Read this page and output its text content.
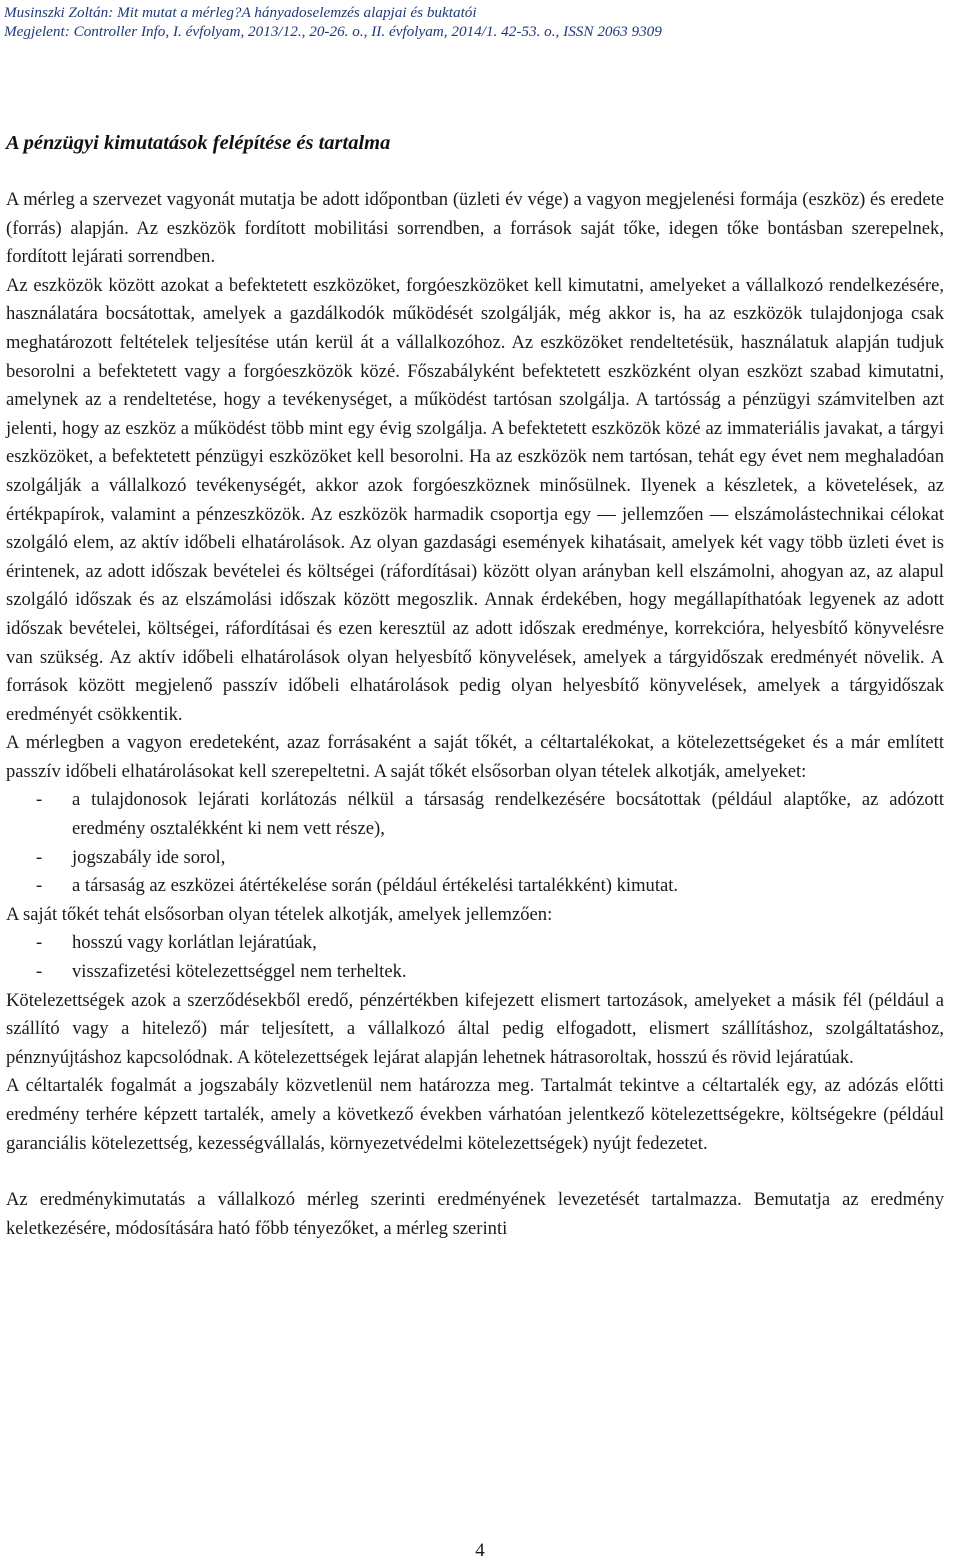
Musinszki Zoltán: Mit mutat a mérleg?A hányadoselemzés alapjai és buktatói
Megjelent: Controller Info, I. évfolyam, 2013/12., 20-26. o., II. évfolyam, 2014/1. 42-53. o., ISSN 2063 9309
A pénzügyi kimutatások felépítése és tartalma

A mérleg a szervezet vagyonát mutatja be adott időpontban (üzleti év vége) a vagyon megjelenési formája (eszköz) és eredete (forrás) alapján. Az eszközök fordított mobilitási sorrendben, a források saját tőke, idegen tőke bontásban szerepelnek, fordított lejárati sorrendben.

Az eszközök között azokat a befektetett eszközöket, forgóeszközöket kell kimutatni, amelyeket a vállalkozó rendelkezésére, használatára bocsátottak, amelyek a gazdálkodók működését szolgálják, még akkor is, ha az eszközök tulajdonjoga csak meghatározott feltételek teljesítése után kerül át a vállalkozóhoz. Az eszközöket rendeltetésük, használatuk alapján tudjuk besorolni a befektetett vagy a forgóeszközök közé. Főszabályként befektetett eszközként olyan eszközt szabad kimutatni, amelynek az a rendeltetése, hogy a tevékenységet, a működést tartósan szolgálja. A tartósság a pénzügyi számvitelben azt jelenti, hogy az eszköz a működést több mint egy évig szolgálja. A befektetett eszközök közé az immateriális javakat, a tárgyi eszközöket, a befektetett pénzügyi eszközöket kell besorolni. Ha az eszközök nem tartósan, tehát egy évet nem meghaladóan szolgálják a vállalkozó tevékenységét, akkor azok forgóeszköznek minősülnek. Ilyenek a készletek, a követelések, az értékpapírok, valamint a pénzeszközök. Az eszközök harmadik csoportja egy — jellemzően — elszámolástechnikai célokat szolgáló elem, az aktív időbeli elhatárolások. Az olyan gazdasági események kihatásait, amelyek két vagy több üzleti évet is érintenek, az adott időszak bevételei és költségei (ráfordításai) között olyan arányban kell elszámolni, ahogyan az, az alapul szolgáló időszak és az elszámolási időszak között megoszlik. Annak érdekében, hogy megállapíthatóak legyenek az adott időszak bevételei, költségei, ráfordításai és ezen keresztül az adott időszak eredménye, korrekcióra, helyesbítő könyvelésre van szükség. Az aktív időbeli elhatárolások olyan helyesbítő könyvelések, amelyek a tárgyidőszak eredményét növelik. A források között megjelenő passzív időbeli elhatárolások pedig olyan helyesbítő könyvelések, amelyek a tárgyidőszak eredményét csökkentik.

A mérlegben a vagyon eredeteként, azaz forrásaként a saját tőkét, a céltartalékokat, a kötelezettségeket és a már említett passzív időbeli elhatárolásokat kell szerepeltetni. A saját tőkét elsősorban olyan tételek alkotják, amelyeket:

- a tulajdonosok lejárati korlátozás nélkül a társaság rendelkezésére bocsátottak (például alaptőke, az adózott eredmény osztalékként ki nem vett része),
- jogszabály ide sorol,
- a társaság az eszközei átértékelése során (például értékelési tartalékként) kimutat.

A saját tőkét tehát elsősorban olyan tételek alkotják, amelyek jellemzően:

- hosszú vagy korlátlan lejáratúak,
- visszafizetési kötelezettséggel nem terheltek.

Kötelezettségek azok a szerződésekből eredő, pénzértékben kifejezett elismert tartozások, amelyeket a másik fél (például a szállító vagy a hitelező) már teljesített, a vállalkozó által pedig elfogadott, elismert szállításhoz, szolgáltatáshoz, pénznyújtáshoz kapcsolódnak. A kötelezettségek lejárat alapján lehetnek hátrasoroltak, hosszú és rövid lejáratúak.

A céltartalék fogalmát a jogszabály közvetlenül nem határozza meg. Tartalmát tekintve a céltartalék egy, az adózás előtti eredmény terhére képzett tartalék, amely a következő években várhatóan jelentkező kötelezettségekre, költségekre (például garanciális kötelezettség, kezességvállalás, környezetvédelmi kötelezettségek) nyújt fedezetet.

Az eredménykimutatás a vállalkozó mérleg szerinti eredményének levezetését tartalmazza. Bemutatja az eredmény keletkezésére, módosítására ható főbb tényezőket, a mérleg szerinti

4
